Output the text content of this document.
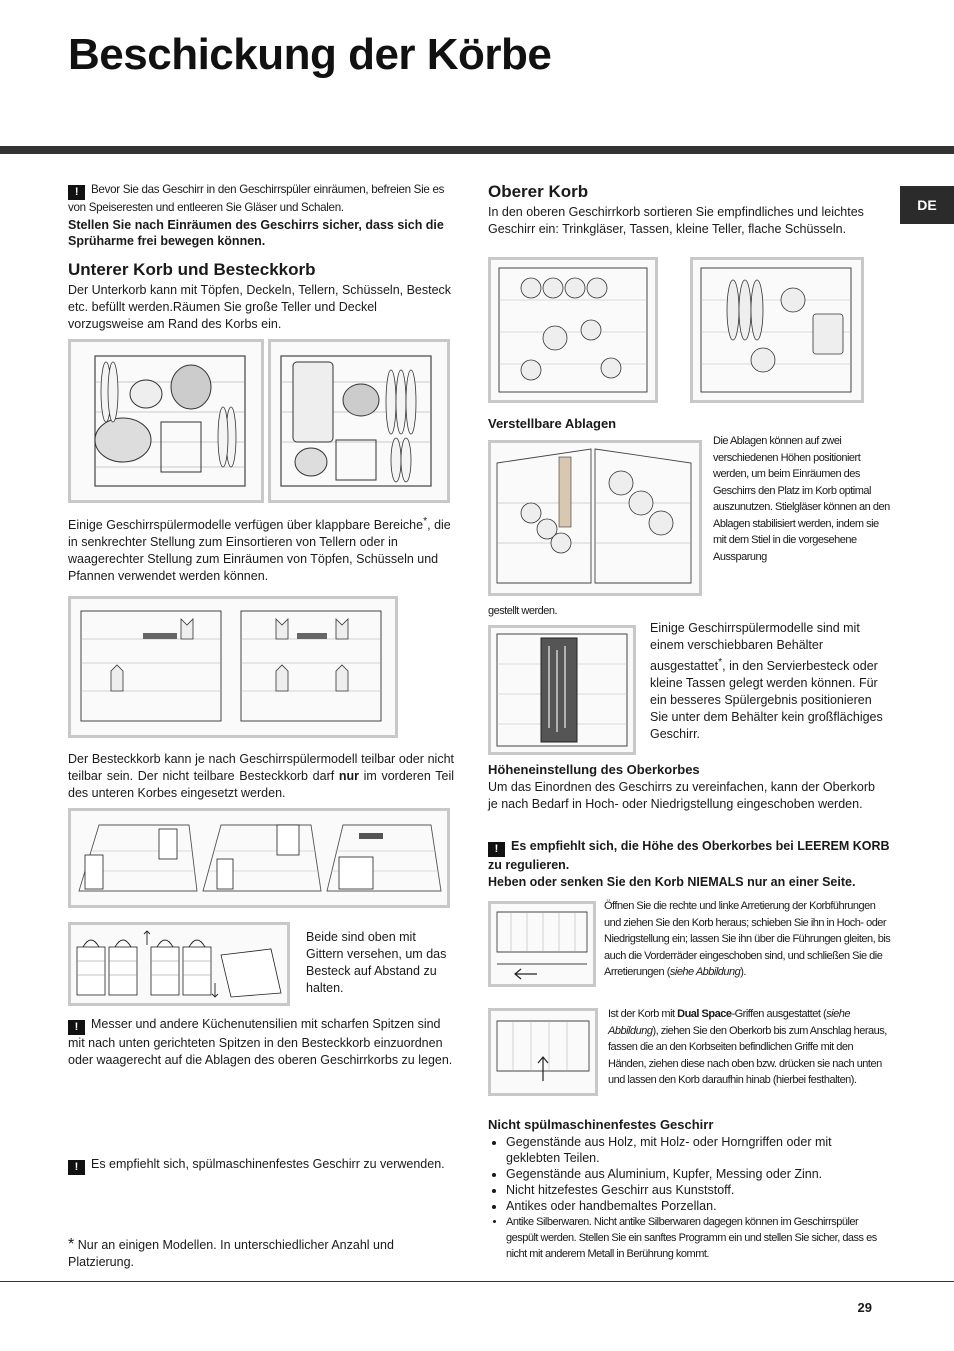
Beschickung der Körbe
DE

! Bevor Sie das Geschirr in den Geschirrspüler einräumen, befreien Sie es von Speiseresten und entleeren Sie Gläser und Schalen.

Stellen Sie nach Einräumen des Geschirrs sicher, dass sich die Sprüharme frei bewegen können.

Unterer Korb und Besteckkorb

Der Unterkorb kann mit Töpfen, Deckeln, Tellern, Schüsseln, Besteck etc. befüllt werden.Räumen Sie große Teller und Deckel vorzugsweise am Rand des Korbs ein.

Einige Geschirrspülermodelle verfügen über klappbare Bereiche*, die in senkrechter Stellung zum Einsortieren von Tellern oder in waagerechter Stellung zum Einräumen von Töpfen, Schüsseln und Pfannen verwendet werden können.

Der Besteckkorb kann je nach Geschirrspülermodell teilbar oder nicht teilbar sein. Der nicht teilbare Besteckkorb darf nur im vorderen Teil des unteren Korbes eingesetzt werden.

Beide sind oben mit Gittern versehen, um das Besteck auf Abstand zu halten.

! Messer und andere Küchenutensilien mit scharfen Spitzen sind mit nach unten gerichteten Spitzen in den Besteckkorb einzuordnen oder waagerecht auf die Ablagen des oberen Geschirrkorbs zu legen.

! Es empfiehlt sich, spülmaschinenfestes Geschirr zu verwenden.

* Nur an einigen Modellen. In unterschiedlicher Anzahl und Platzierung.

Oberer Korb

In den oberen Geschirrkorb sortieren Sie empfindliches und leichtes Geschirr ein: Trinkgläser, Tassen, kleine Teller, flache Schüsseln.

Verstellbare Ablagen

Die Ablagen können auf zwei verschiedenen Höhen positioniert werden, um beim Einräumen des Geschirrs den Platz im Korb optimal auszunutzen. Stielgläser können an den Ablagen stabilisiert werden, indem sie mit dem Stiel in die vorgesehene Aussparung

gestellt werden.

Einige Geschirrspülermodelle sind mit einem verschiebbaren Behälter ausgestattet*, in den Servierbesteck oder kleine Tassen gelegt werden können. Für ein besseres Spülergebnis positionieren Sie unter dem Behälter kein großflächiges Geschirr.

Höheneinstellung des Oberkorbes

Um das Einordnen des Geschirrs zu vereinfachen, kann der Oberkorb je nach Bedarf in Hoch- oder Niedrigstellung eingeschoben werden.

! Es empfiehlt sich, die Höhe des Oberkorbes bei LEEREM KORB zu regulieren.

Heben oder senken Sie den Korb NIEMALS nur an einer Seite.

Öffnen Sie die rechte und linke Arretierung der Korbführungen und ziehen Sie den Korb heraus; schieben Sie ihn in Hoch- oder Niedrigstellung ein; lassen Sie ihn über die Führungen gleiten, bis auch die Vorderräder eingeschoben sind, und schließen Sie die Arretierungen (siehe Abbildung).

Ist der Korb mit Dual Space-Griffen ausgestattet (siehe Abbildung), ziehen Sie den Oberkorb bis zum Anschlag heraus, fassen die an den Korbseiten befindlichen Griffe mit den Händen, ziehen diese nach oben bzw. drücken sie nach unten und lassen den Korb daraufhin hinab (hierbei festhalten).

Nicht spülmaschinenfestes Geschirr

• Gegenstände aus Holz, mit Holz- oder Horngriffen oder mit geklebten Teilen.
• Gegenstände aus Aluminium, Kupfer, Messing oder Zinn.
• Nicht hitzefestes Geschirr aus Kunststoff.
• Antikes oder handbemaltes Porzellan.
• Antike Silberwaren. Nicht antike Silberwaren dagegen können im Geschirrspüler gespült werden. Stellen Sie ein sanftes Programm ein und stellen Sie sicher, dass es nicht mit anderem Metall in Berührung kommt.
29
